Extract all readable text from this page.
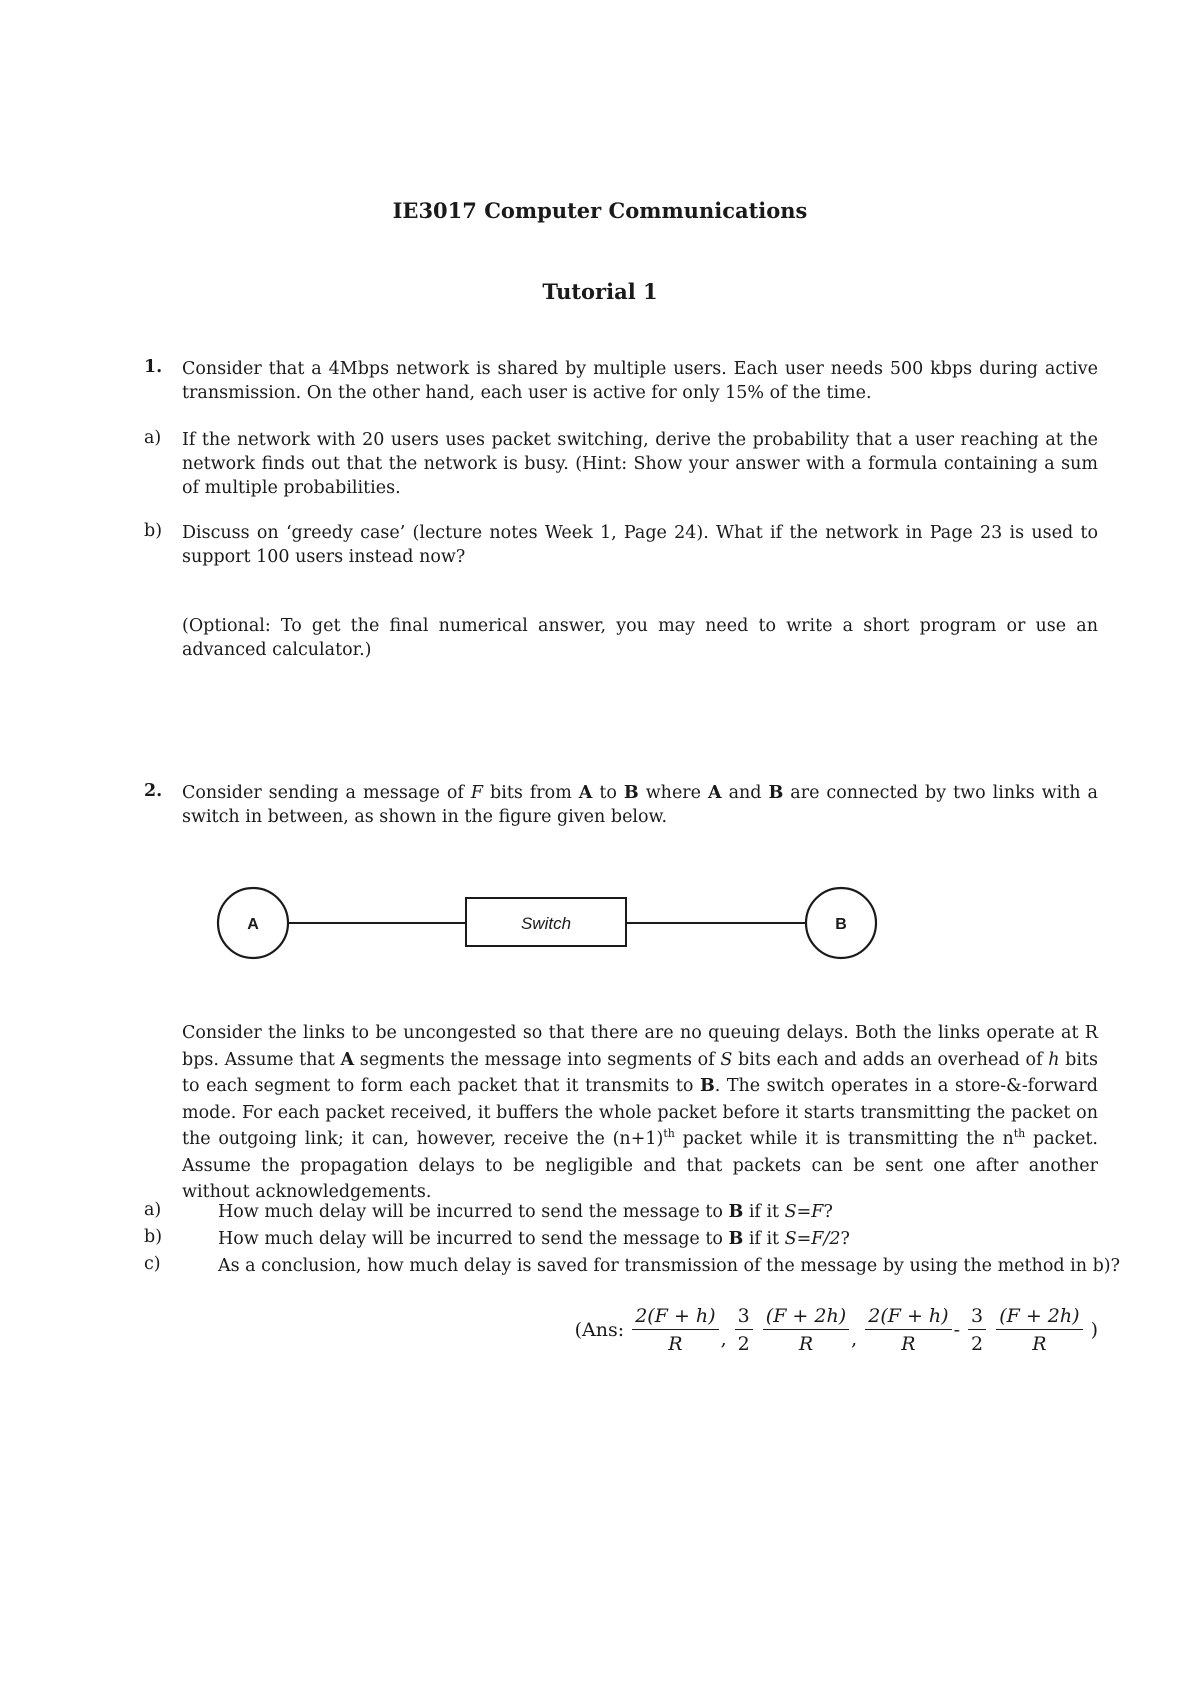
IE3017 Computer Communications
Tutorial 1
1. Consider that a 4Mbps network is shared by multiple users. Each user needs 500 kbps during active transmission. On the other hand, each user is active for only 15% of the time.
a) If the network with 20 users uses packet switching, derive the probability that a user reaching at the network finds out that the network is busy. (Hint: Show your answer with a formula containing a sum of multiple probabilities.
b) Discuss on ‘greedy case’ (lecture notes Week 1, Page 24). What if the network in Page 23 is used to support 100 users instead now?
(Optional: To get the final numerical answer, you may need to write a short program or use an advanced calculator.)
2. Consider sending a message of F bits from A to B where A and B are connected by two links with a switch in between, as shown in the figure given below.
A	B
Switch
Consider the links to be uncongested so that there are no queuing delays. Both the links operate at R bps. Assume that A segments the message into segments of S bits each and adds an overhead of h bits to each segment to form each packet that it transmits to B. The switch operates in a store-&-forward mode. For each packet received, it buffers the whole packet before it starts transmitting the packet on the outgoing link; it can, however, receive the $(n+1)^{th}$ packet while it is transmitting the $n^{th}$ packet. Assume the propagation delays to be negligible and that packets can be sent one after another without acknowledgements.
a)	How much delay will be incurred to send the message to B if it S=F?
b)	How much delay will be incurred to send the message to B if it S=F/2?
c)	As a conclusion, how much delay is saved for transmission of the message by using the method in b)?
(Ans: $\frac{2(F + h)}{R}$ , $\frac{3}{2}$
$\frac{(F + 2h)}{R}$ , $\frac{2(F + h)}{R} - \frac{3}{2}$
$\frac{(F + 2h)}{R}$ )
